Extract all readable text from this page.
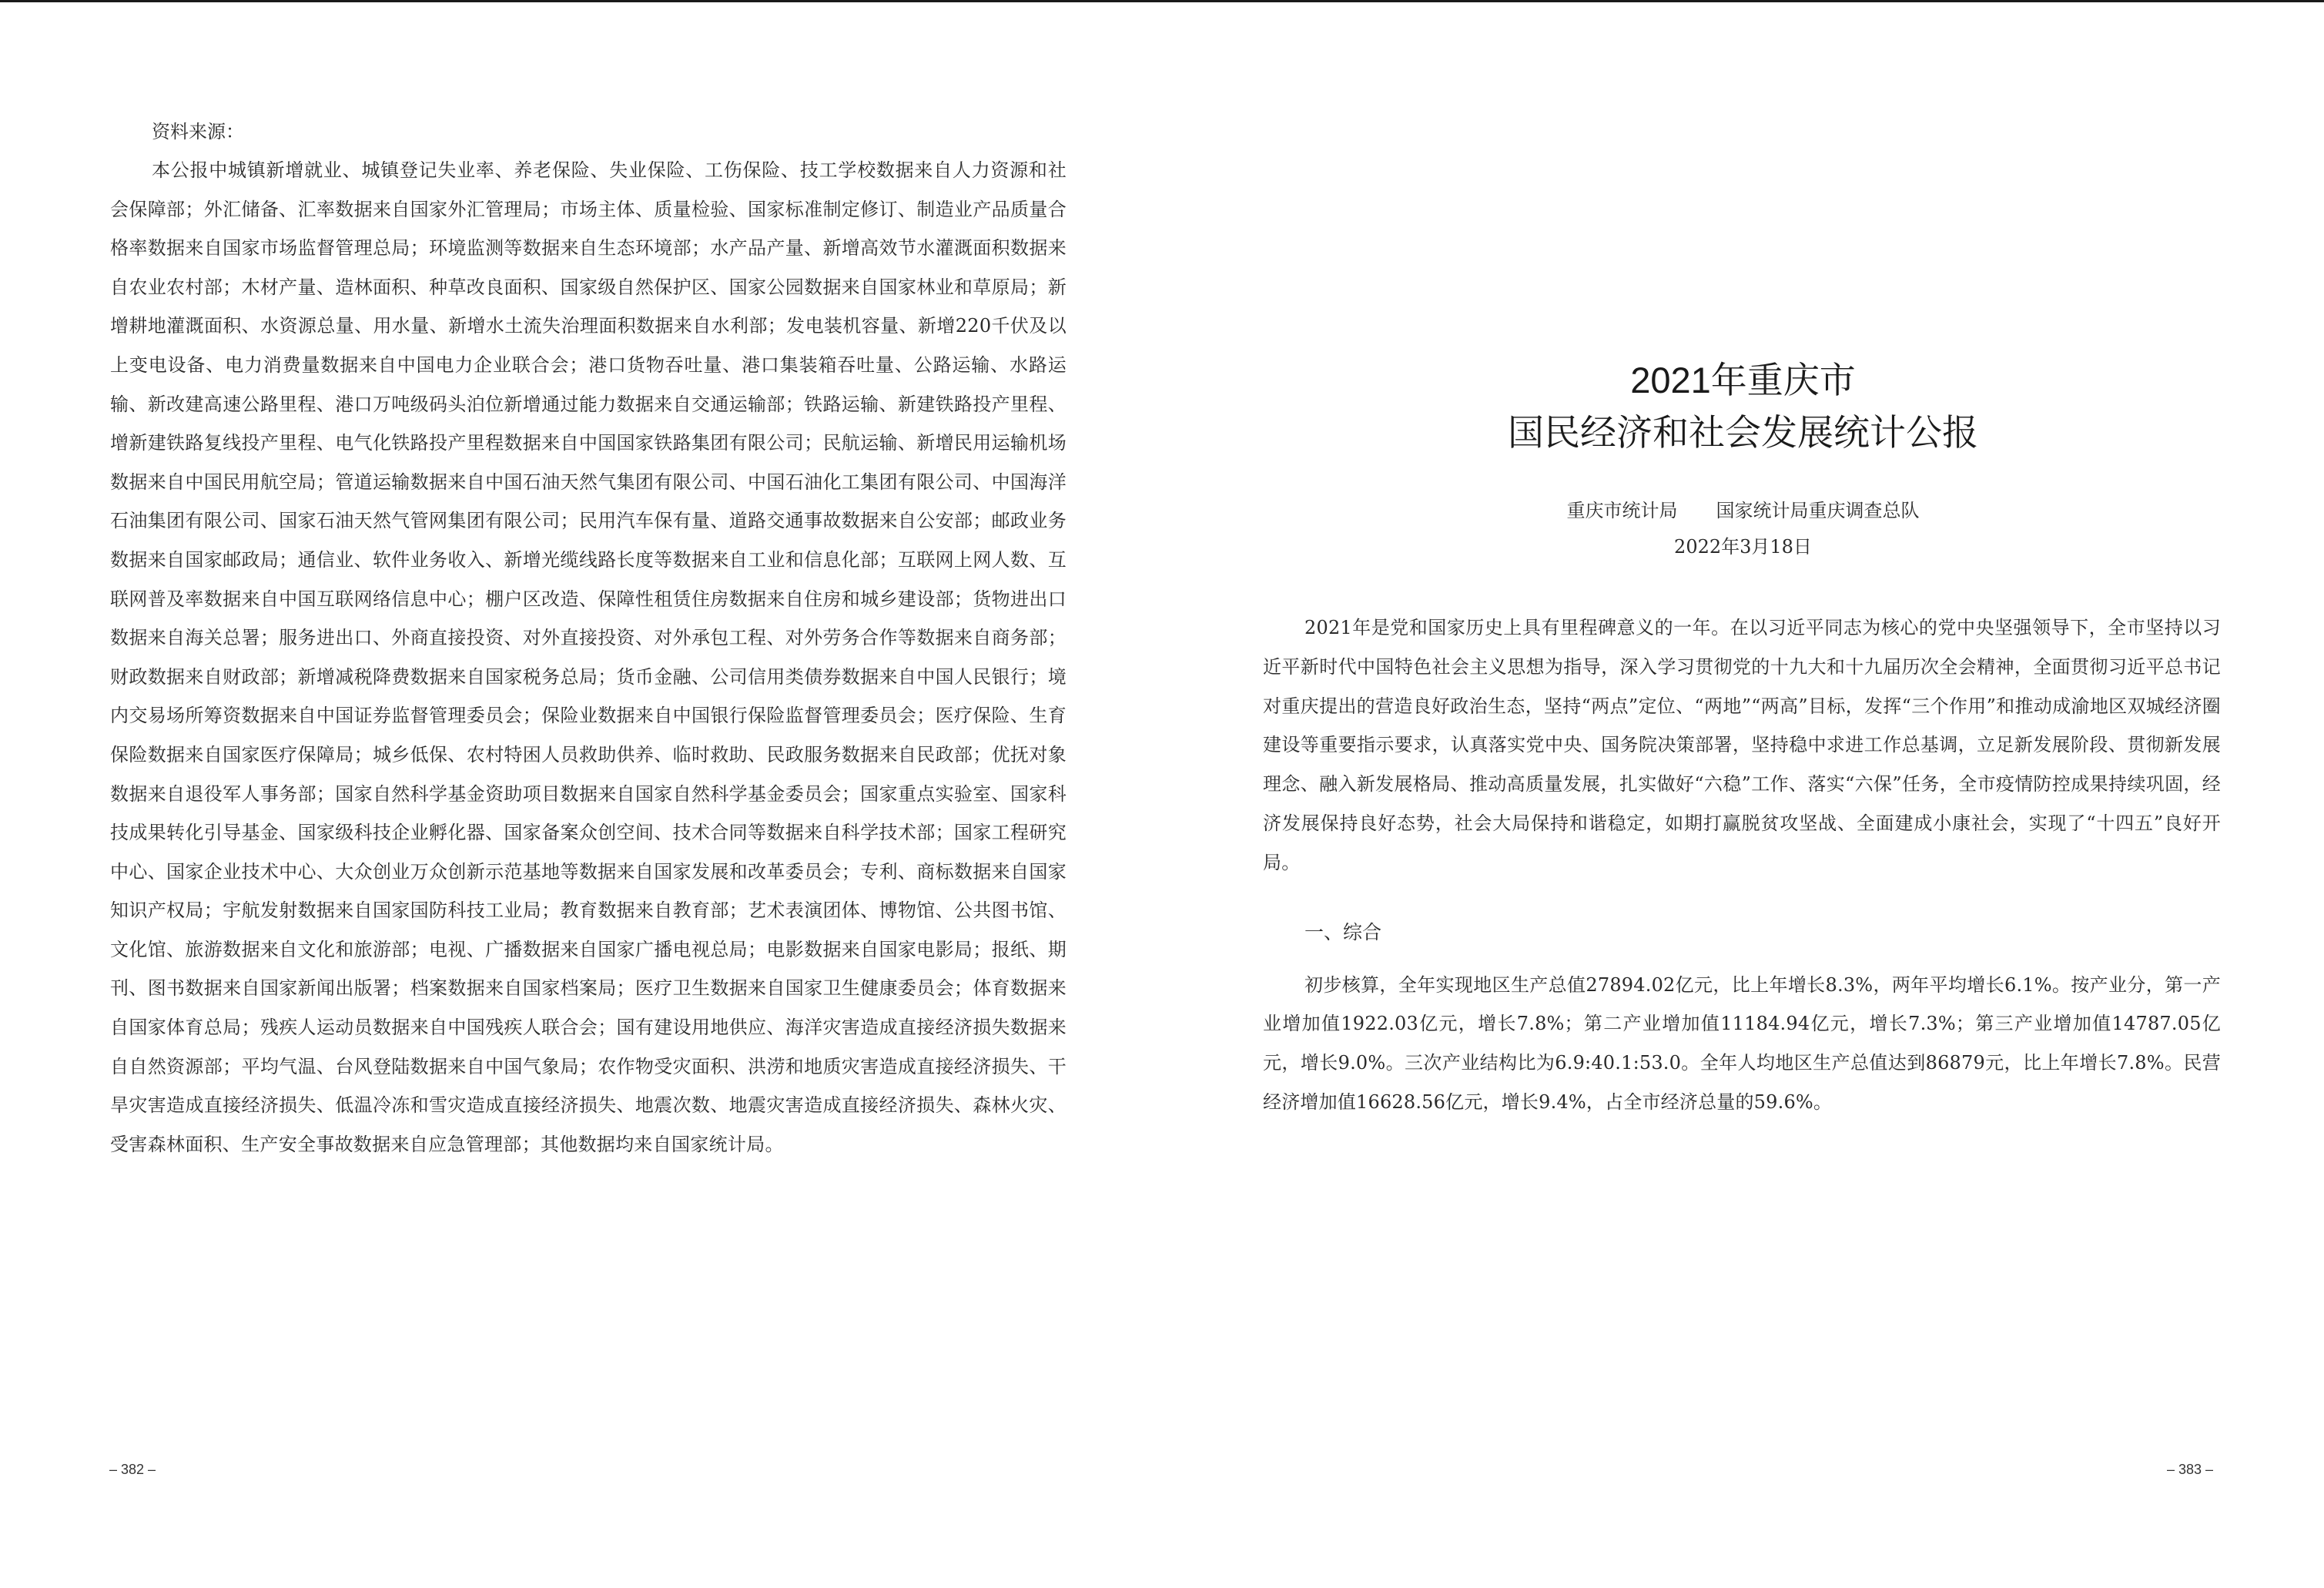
资料来源：

本公报中城镇新增就业、城镇登记失业率、养老保险、失业保险、工伤保险、技工学校数据来自人力资源和社会保障部；外汇储备、汇率数据来自国家外汇管理局；市场主体、质量检验、国家标准制定修订、制造业产品质量合格率数据来自国家市场监督管理总局；环境监测等数据来自生态环境部；水产品产量、新增高效节水灌溉面积数据来自农业农村部；木材产量、造林面积、种草改良面积、国家级自然保护区、国家公园数据来自国家林业和草原局；新增耕地灌溉面积、水资源总量、用水量、新增水土流失治理面积数据来自水利部；发电装机容量、新增220千伏及以上变电设备、电力消费量数据来自中国电力企业联合会；港口货物吞吐量、港口集装箱吞吐量、公路运输、水路运输、新改建高速公路里程、港口万吨级码头泊位新增通过能力数据来自交通运输部；铁路运输、新建铁路投产里程、增新建铁路复线投产里程、电气化铁路投产里程数据来自中国国家铁路集团有限公司；民航运输、新增民用运输机场数据来自中国民用航空局；管道运输数据来自中国石油天然气集团有限公司、中国石油化工集团有限公司、中国海洋石油集团有限公司、国家石油天然气管网集团有限公司；民用汽车保有量、道路交通事故数据来自公安部；邮政业务数据来自国家邮政局；通信业、软件业务收入、新增光缆线路长度等数据来自工业和信息化部；互联网上网人数、互联网普及率数据来自中国互联网络信息中心；棚户区改造、保障性租赁住房数据来自住房和城乡建设部；货物进出口数据来自海关总署；服务进出口、外商直接投资、对外直接投资、对外承包工程、对外劳务合作等数据来自商务部；财政数据来自财政部；新增减税降费数据来自国家税务总局；货币金融、公司信用类债券数据来自中国人民银行；境内交易场所筹资数据来自中国证券监督管理委员会；保险业数据来自中国银行保险监督管理委员会；医疗保险、生育保险数据来自国家医疗保障局；城乡低保、农村特困人员救助供养、临时救助、民政服务数据来自民政部；优抚对象数据来自退役军人事务部；国家自然科学基金资助项目数据来自国家自然科学基金委员会；国家重点实验室、国家科技成果转化引导基金、国家级科技企业孵化器、国家备案众创空间、技术合同等数据来自科学技术部；国家工程研究中心、国家企业技术中心、大众创业万众创新示范基地等数据来自国家发展和改革委员会；专利、商标数据来自国家知识产权局；宇航发射数据来自国家国防科技工业局；教育数据来自教育部；艺术表演团体、博物馆、公共图书馆、文化馆、旅游数据来自文化和旅游部；电视、广播数据来自国家广播电视总局；电影数据来自国家电影局；报纸、期刊、图书数据来自国家新闻出版署；档案数据来自国家档案局；医疗卫生数据来自国家卫生健康委员会；体育数据来自国家体育总局；残疾人运动员数据来自中国残疾人联合会；国有建设用地供应、海洋灾害造成直接经济损失数据来自自然资源部；平均气温、台风登陆数据来自中国气象局；农作物受灾面积、洪涝和地质灾害造成直接经济损失、干旱灾害造成直接经济损失、低温冷冻和雪灾造成直接经济损失、地震次数、地震灾害造成直接经济损失、森林火灾、受害森林面积、生产安全事故数据来自应急管理部；其他数据均来自国家统计局。

– 382 –

2021年重庆市

国民经济和社会发展统计公报

重庆市统计局 国家统计局重庆调查总队
2022年3月18日

2021年是党和国家历史上具有里程碑意义的一年。在以习近平同志为核心的党中央坚强领导下，全市坚持以习近平新时代中国特色社会主义思想为指导，深入学习贯彻党的十九大和十九届历次全会精神，全面贯彻习近平总书记对重庆提出的营造良好政治生态，坚持“两点”定位、“两地”“两高”目标，发挥“三个作用”和推动成渝地区双城经济圈建设等重要指示要求，认真落实党中央、国务院决策部署，坚持稳中求进工作总基调，立足新发展阶段、贯彻新发展理念、融入新发展格局、推动高质量发展，扎实做好“六稳”工作、落实“六保”任务，全市疫情防控成果持续巩固，经济发展保持良好态势，社会大局保持和谐稳定，如期打赢脱贫攻坚战、全面建成小康社会，实现了“十四五”良好开局。

一、综合

初步核算，全年实现地区生产总值27894.02亿元，比上年增长8.3%，两年平均增长6.1%。按产业分，第一产业增加值1922.03亿元，增长7.8%；第二产业增加值11184.94亿元，增长7.3%；第三产业增加值14787.05亿元，增长9.0%。三次产业结构比为6.9:40.1:53.0。全年人均地区生产总值达到86879元，比上年增长7.8%。民营经济增加值16628.56亿元，增长9.4%，占全市经济总量的59.6%。

– 383 –
